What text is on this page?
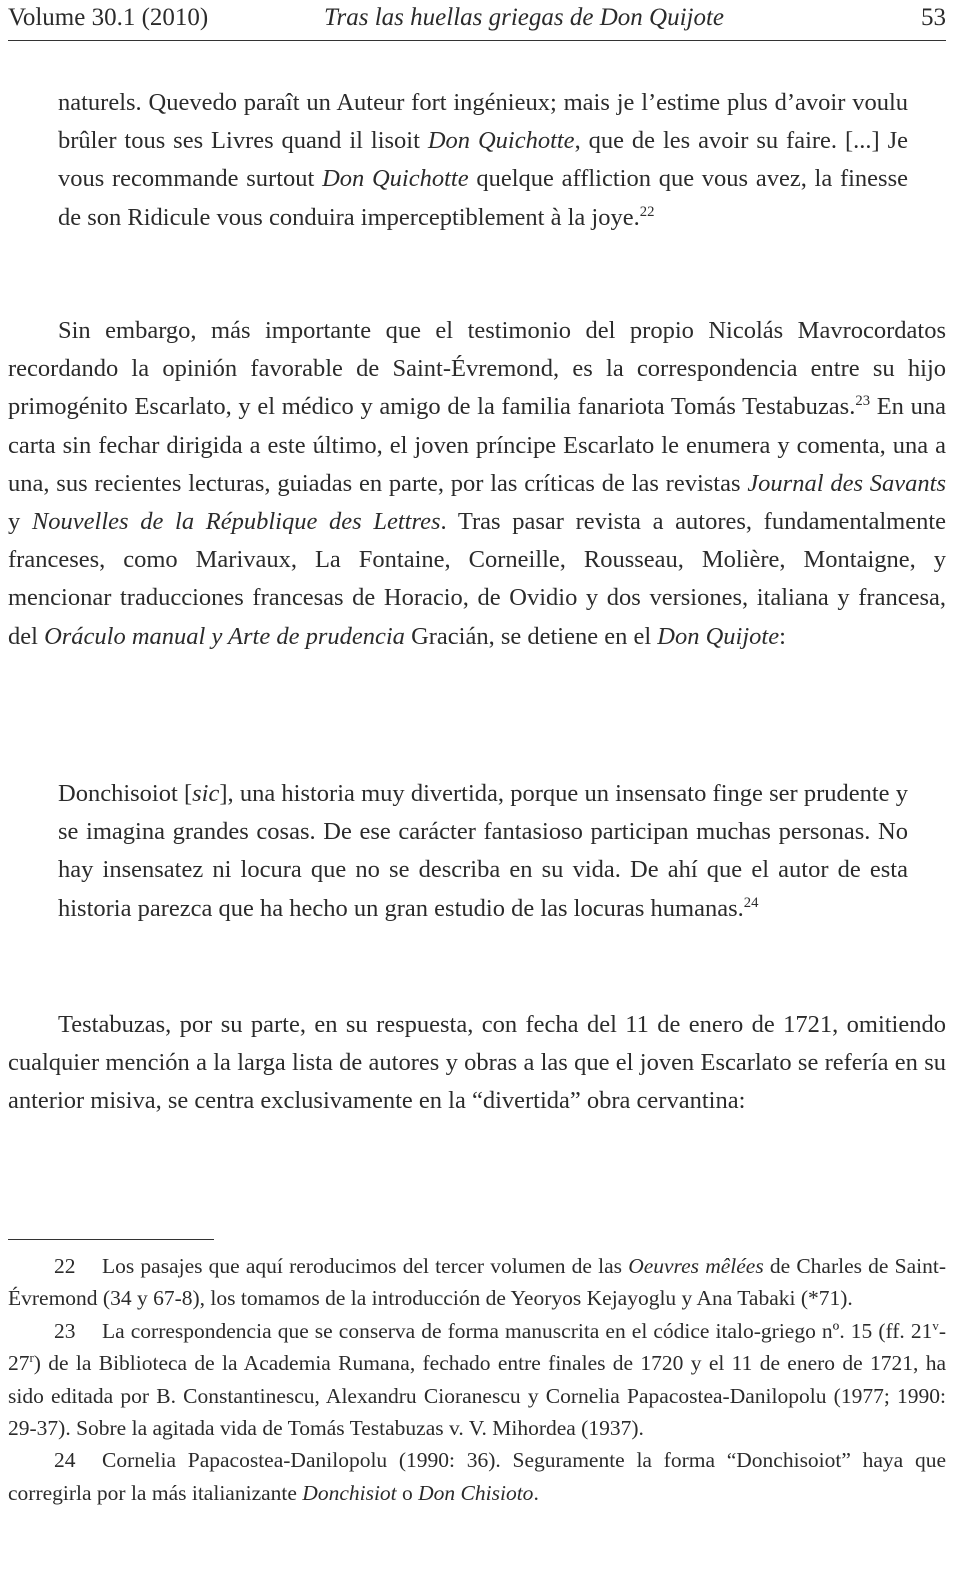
Volume 30.1 (2010)	Tras las huellas griegas de Don Quijote	53

naturels. Quevedo paraît un Auteur fort ingénieux; mais je l’estime plus d’avoir voulu brûler tous ses Livres quand il lisoit Don Quichotte, que de les avoir su faire. [...] Je vous recommande surtout Don Quichotte quelque affliction que vous avez, la finesse de son Ridicule vous conduira imperceptiblement à la joye.$^{22}$

Sin embargo, más importante que el testimonio del propio Nicolás Mavrocordatos recordando la opinión favorable de Saint-Évremond, es la correspondencia entre su hijo primogénito Escarlato, y el médico y amigo de la familia fanariota Tomás Testabuzas.$^{23}$ En una carta sin fechar dirigida a este último, el joven príncipe Escarlato le enumera y comenta, una a una, sus recientes lecturas, guiadas en parte, por las críticas de las revistas Journal des Savants y Nouvelles de la République des Lettres. Tras pasar revista a autores, fundamentalmente franceses, como Marivaux, La Fontaine, Corneille, Rousseau, Molière, Montaigne, y mencionar traducciones francesas de Horacio, de Ovidio y dos versiones, italiana y francesa, del Oráculo manual y Arte de prudencia Gracián, se detiene en el Don Quijote:

Donchisoiot [sic], una historia muy divertida, porque un insensato finge ser prudente y se imagina grandes cosas. De ese carácter fantasioso participan muchas personas. No hay insensatez ni locura que no se describa en su vida. De ahí que el autor de esta historia parezca que ha hecho un gran estudio de las locuras humanas.$^{24}$

Testabuzas, por su parte, en su respuesta, con fecha del 11 de enero de 1721, omitiendo cualquier mención a la larga lista de autores y obras a las que el joven Escarlato se refería en su anterior misiva, se centra exclusivamente en la “divertida” obra cervantina:

22 Los pasajes que aquí reroducimos del tercer volumen de las Oeuvres mêlées de Charles de Saint-Évremond (34 y 67-8), los tomamos de la introducción de Yeoryos Kejayoglu y Ana Tabaki (*71).

23 La correspondencia que se conserva de forma manuscrita en el códice italo-griego nº. 15 (ff. 21$^v$-27$^r$) de la Biblioteca de la Academia Rumana, fechado entre finales de 1720 y el 11 de enero de 1721, ha sido editada por B. Constantinescu, Alexandru Cioranescu y Cornelia Papacostea-Danilopolu (1977; 1990: 29-37). Sobre la agitada vida de Tomás Testabuzas v. V. Mihordea (1937).

24 Cornelia Papacostea-Danilopolu (1990: 36). Seguramente la forma “Donchisoiot” haya que corregirla por la más italianizante Donchisiot o Don Chisioto.
